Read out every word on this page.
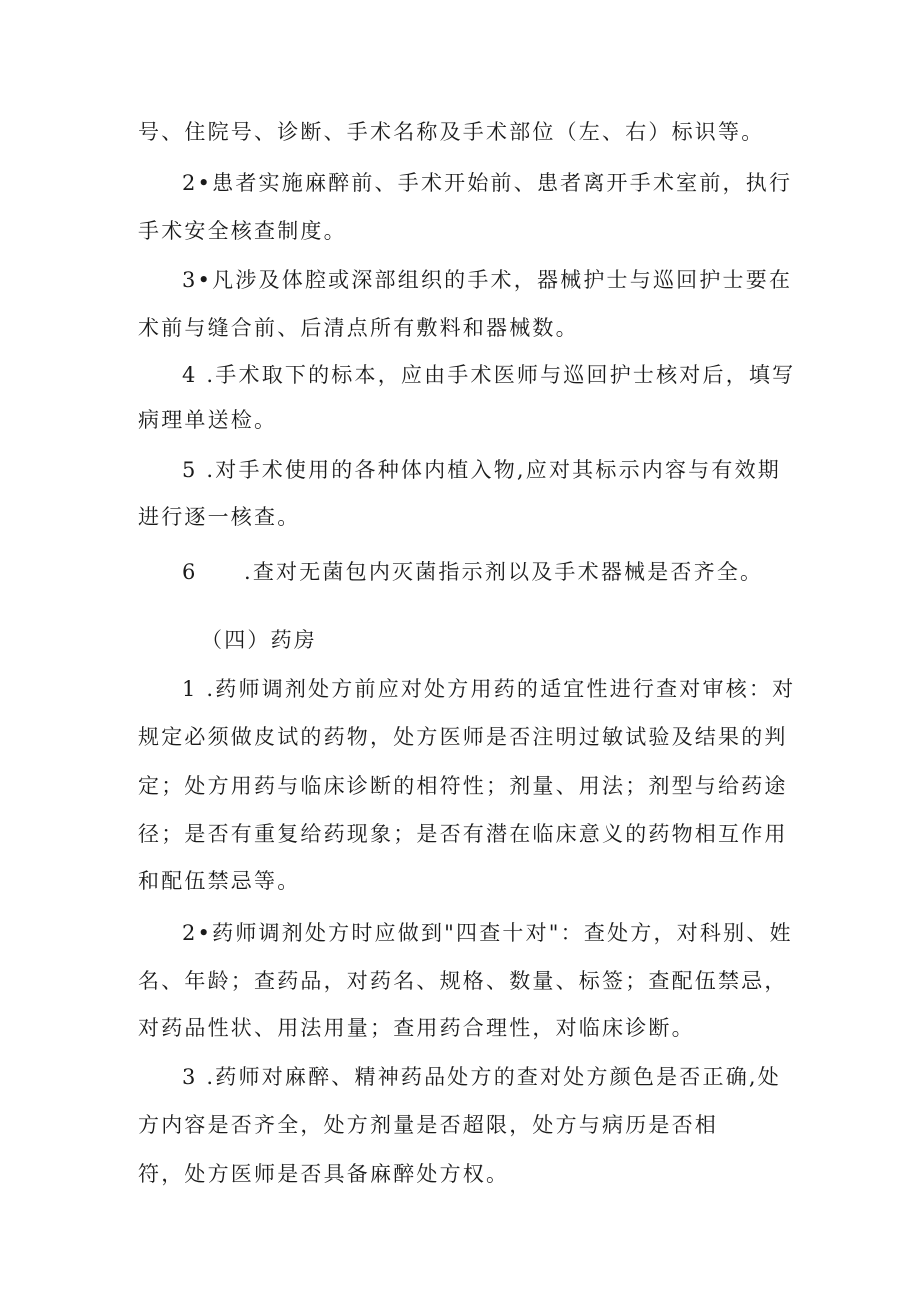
号、住院号、诊断、手术名称及手术部位（左、右）标识等。

2•患者实施麻醉前、手术开始前、患者离开手术室前，执行

手术安全核查制度。

3•凡涉及体腔或深部组织的手术，器械护士与巡回护士要在

术前与缝合前、后清点所有敷料和器械数。

4 .手术取下的标本，应由手术医师与巡回护士核对后，填写

病理单送检。

5 .对手术使用的各种体内植入物,应对其标示内容与有效期

进行逐一核查。

6　　.查对无菌包内灭菌指示剂以及手术器械是否齐全。

（四）药房

1 .药师调剂处方前应对处方用药的适宜性进行查对审核：对

规定必须做皮试的药物，处方医师是否注明过敏试验及结果的判

定；处方用药与临床诊断的相符性；剂量、用法；剂型与给药途

径；是否有重复给药现象；是否有潜在临床意义的药物相互作用

和配伍禁忌等。

2•药师调剂处方时应做到"四查十对"：查处方，对科别、姓

名、年龄；查药品，对药名、规格、数量、标签；查配伍禁忌，

对药品性状、用法用量；查用药合理性，对临床诊断。

3 .药师对麻醉、精神药品处方的查对处方颜色是否正确,处

方内容是否齐全，处方剂量是否超限，处方与病历是否相

符，处方医师是否具备麻醉处方权。
